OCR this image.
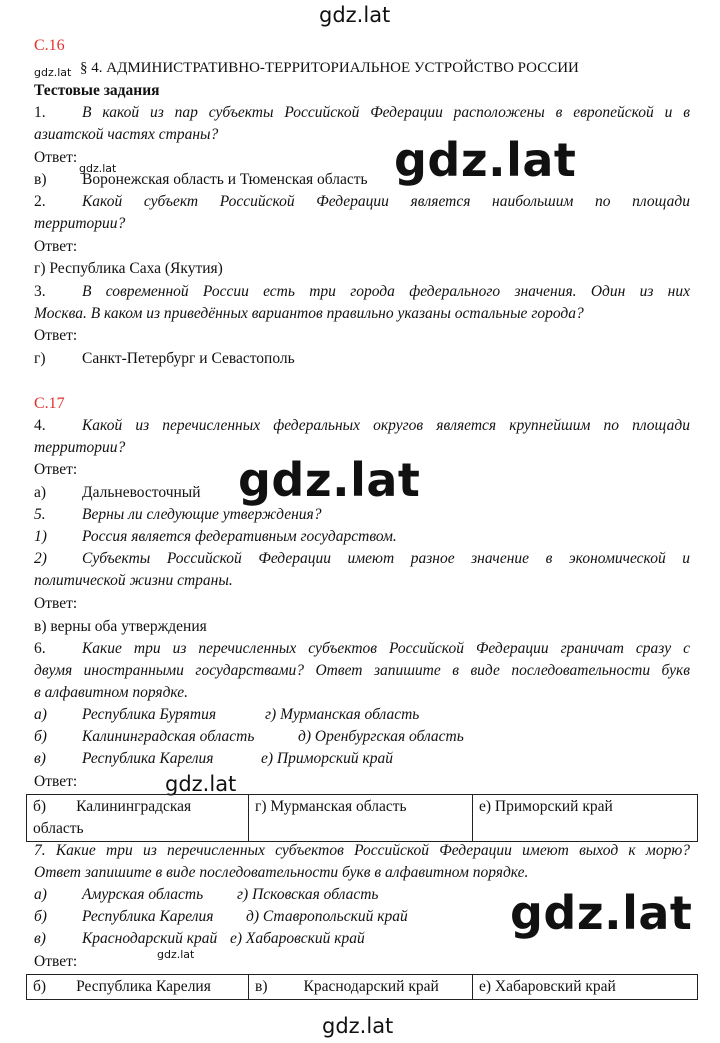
gdz.lat
gdz.lat
gdz.lat	gdz.lat
gdz.lat
gdz.lat
gdz.lat
gdz.lat
gdz.lat
С.16
§ 4. АДМИНИСТРАТИВНО-ТЕРРИТОРИАЛЬНОЕ УСТРОЙСТВО РОССИИ
Тестовые задания
1. В какой из пар субъекты Российской Федерации расположены в европейской и в
азиатской частях страны?
Ответ:
в) Воронежская область и Тюменская область
2. Какой субъект Российской Федерации является наибольшим по площади
территории?
Ответ:
г) Республика Саха (Якутия)
3. В современной России есть три города федерального значения. Один из них
Москва. В каком из приведённых вариантов правильно указаны остальные города?
Ответ:
г) Санкт-Петербург и Севастополь
С.17
4. Какой из перечисленных федеральных округов является крупнейшим по площади
территории?
Ответ:
а) Дальневосточный
5. Верны ли следующие утверждения?
1) Россия является федеративным государством.
2) Субъекты Российской Федерации имеют разное значение в экономической и
политической жизни страны.
Ответ:
в) верны оба утверждения
6. Какие три из перечисленных субъектов Российской Федерации граничат сразу с
двумя иностранными государствами? Ответ запишите в виде последовательности букв
в алфавитном порядке.
а) Республика Бурятия	г) Мурманская область
б) Калининградская область	д) Оренбургская область
в) Республика Карелия	е) Приморский край
Ответ:
б) Калининградская
область	г) Мурманская область	е) Приморский край
7. Какие три из перечисленных субъектов Российской Федерации имеют выход к морю?
Ответ запишите в виде последовательности букв в алфавитном порядке.
а) Амурская область г) Псковская область
б) Республика Карелия д) Ставропольский край
в) Краснодарский край е) Хабаровский край
Ответ:
б) Республика Карелия	в) Краснодарский край	е) Хабаровский край
